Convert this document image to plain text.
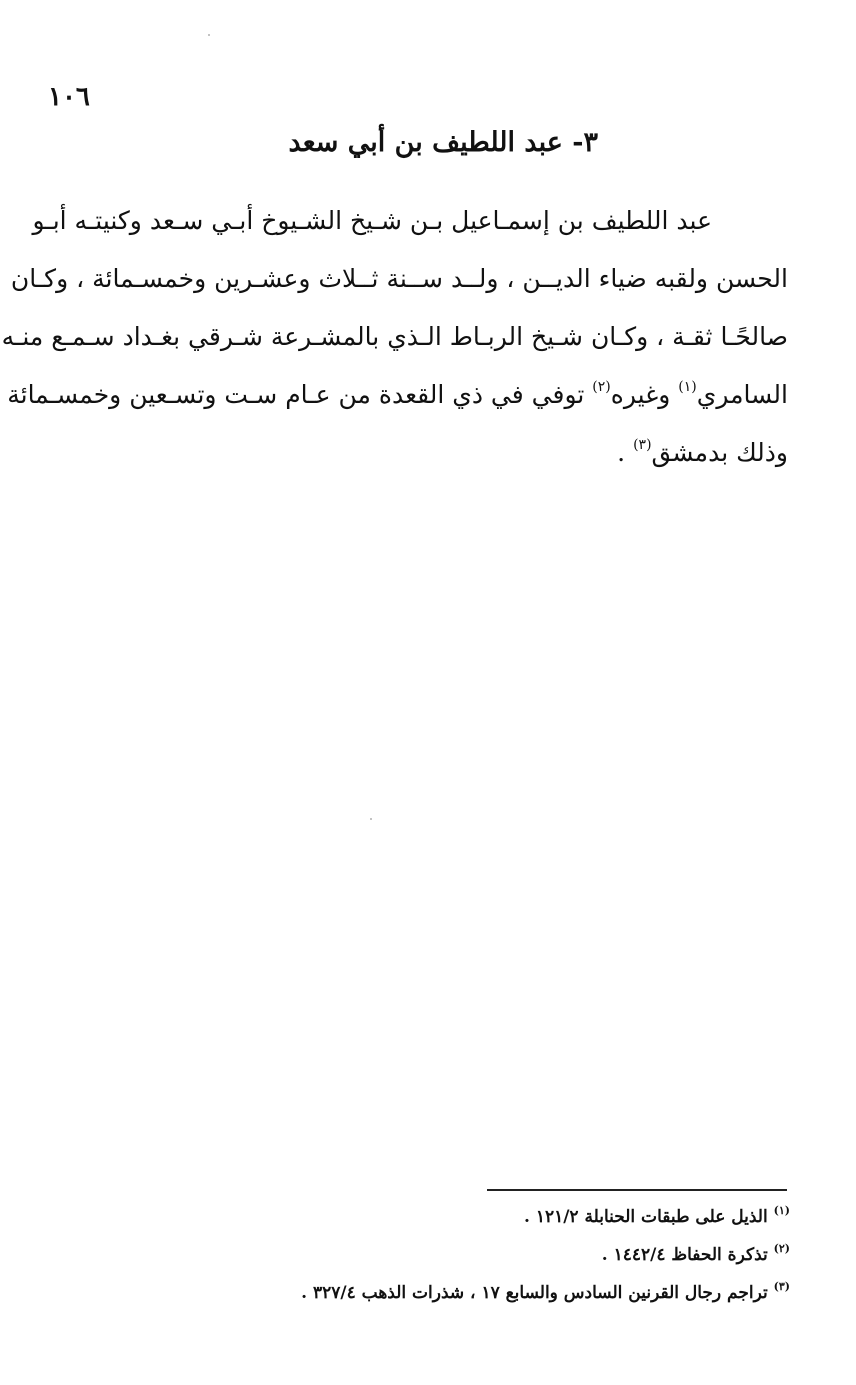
١٠٦
٣- عبد اللطيف بن أبي سعد
عبد اللطيف بن إسمـاعيل بـن شـيخ الشـيوخ أبـي سـعد وكنيتـه أبـو
الحسن ولقبه ضياء الديــن ، ولــد ســنة ثــلاث وعشـرين وخمسـمائة ، وكـان
صالحًـا ثقـة ، وكـان شـيخ الربـاط الـذي بالمشـرعة شـرقي بغـداد سـمـع منـه
السامري$^{(١)}$ وغيره$^{(٢)}$ توفي في ذي القعدة من عـام سـت وتسـعين وخمسـمائة
وذلك بدمشق$^{(٣)}$ .
$^{(١)}$ الذيل على طبقات الحنابلة ١٢١/٢ .
$^{(٢)}$ تذكرة الحفاظ ١٤٤٢/٤ .
$^{(٣)}$ تراجم رجال القرنين السادس والسابع ١٧ ، شذرات الذهب ٣٢٧/٤ .
